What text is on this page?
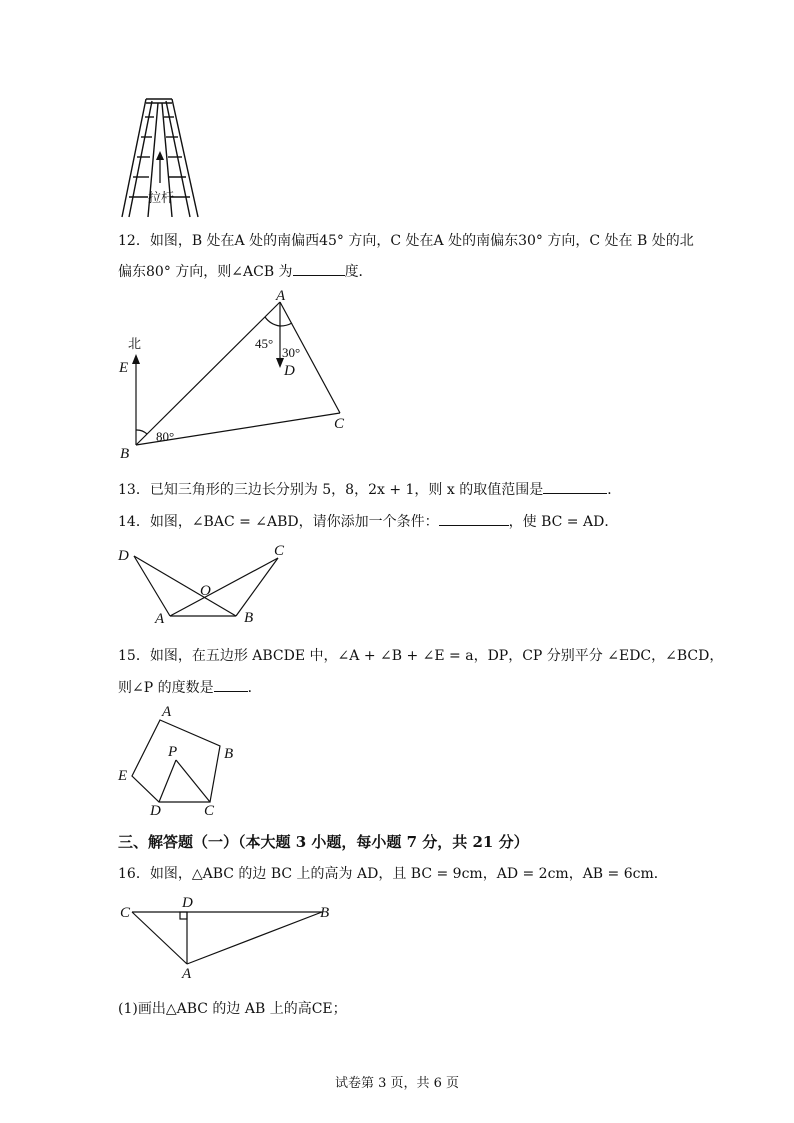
拉杆
12．如图，B 处在A 处的南偏西45° 方向，C 处在A 处的南偏东30° 方向，C 处在 B 处的北
偏东80° 方向，则∠ACB 为	度．
北
E
B
A
C
D
45°
30°
80°
13．已知三角形的三边长分别为 5，8，2x + 1，则 x 的取值范围是	．
14．如图，∠BAC = ∠ABD，请你添加一个条件：	，使 BC = AD．
D	C
O
A	B
15．如图，在五边形 ABCDE 中，∠A + ∠B + ∠E = a，DP，CP 分别平分 ∠EDC，∠BCD，
则∠P 的度数是 ．
A
B
C
D
E
P
三、解答题（一）（本大题 3 小题，每小题 7 分，共 21 分）
16．如图，△ABC 的边 BC 上的高为 AD，且 BC = 9cm，AD = 2cm，AB = 6cm．
C
D
B
A
(1)画出△ABC 的边 AB 上的高CE；
试卷第 3 页，共 6 页
